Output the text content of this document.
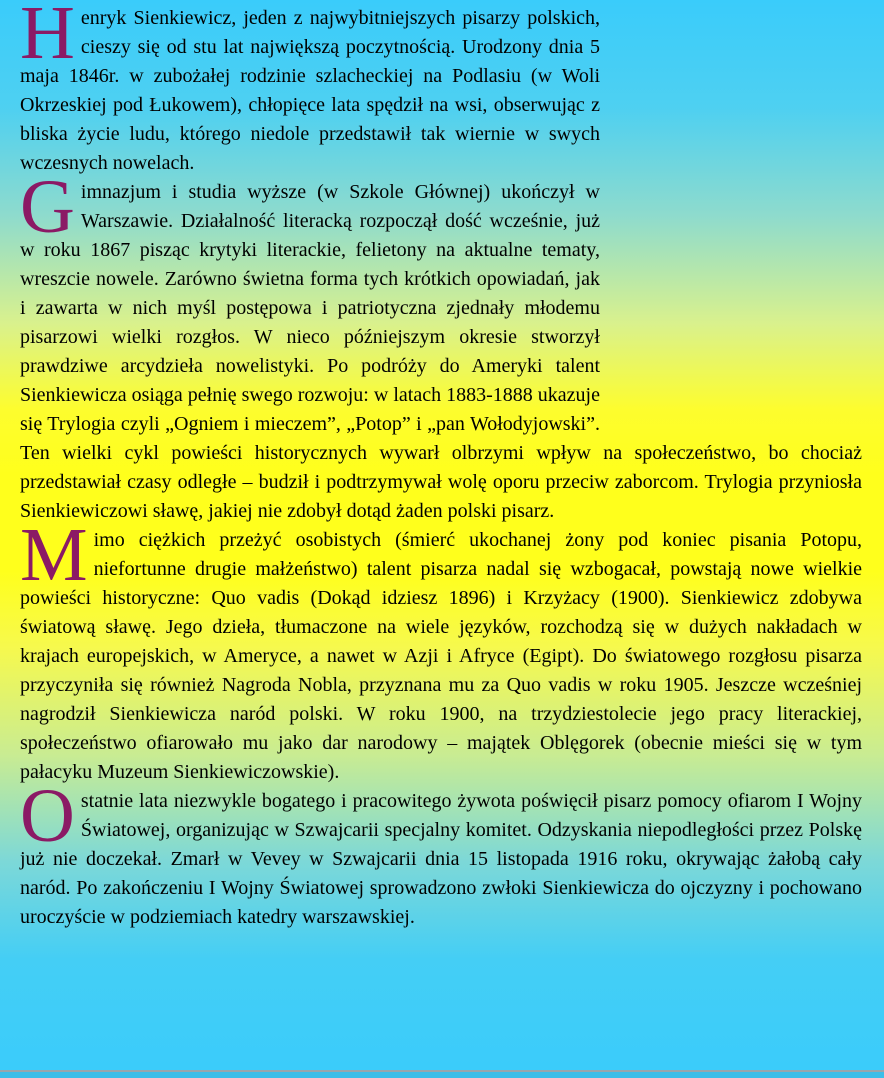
Henryk Sienkiewicz, jeden z najwybitniejszych pisarzy polskich, cieszy się od stu lat największą poczytnością. Urodzony dnia 5 maja 1846r. w zubożałej rodzinie szlacheckiej na Podlasiu (w Woli Okrzeskiej pod Łukowem), chłopięce lata spędził na wsi, obserwując z bliska życie ludu, którego niedole przedstawił tak wiernie w swych wczesnych nowelach.

Gimnazjum i studia wyższe (w Szkole Głównej) ukończył w Warszawie. Działalność literacką rozpoczął dość wcześnie, już w roku 1867 pisząc krytyki literackie, felietony na aktualne tematy, wreszcie nowele. Zarówno świetna forma tych krótkich opowiadań, jak i zawarta w nich myśl postępowa i patriotyczna zjednały młodemu pisarzowi wielki rozgłos. W nieco późniejszym okresie stworzył prawdziwe arcydzieła nowelistyki. Po podróży do Ameryki talent Sienkiewicza osiąga pełnię swego rozwoju: w latach 1883-1888 ukazuje się Trylogia czyli „Ogniem i mieczem”, „Potop” i „pan Wołodyjowski”. Ten wielki cykl powieści historycznych wywarł olbrzymi wpływ na społeczeństwo, bo chociaż przedstawiał czasy odległe – budził i podtrzymywał wolę oporu przeciw zaborcom. Trylogia przyniosła Sienkiewiczowi sławę, jakiej nie zdobył dotąd żaden polski pisarz.

Mimo ciężkich przeżyć osobistych (śmierć ukochanej żony pod koniec pisania Potopu, niefortunne drugie małżeństwo) talent pisarza nadal się wzbogacał, powstają nowe wielkie powieści historyczne: Quo vadis (Dokąd idziesz 1896) i Krzyżacy (1900). Sienkiewicz zdobywa światową sławę. Jego dzieła, tłumaczone na wiele języków, rozchodzą się w dużych nakładach w krajach europejskich, w Ameryce, a nawet w Azji i Afryce (Egipt). Do światowego rozgłosu pisarza przyczyniła się również Nagroda Nobla, przyznana mu za Quo vadis w roku 1905. Jeszcze wcześniej nagrodził Sienkiewicza naród polski. W roku 1900, na trzydziestolecie jego pracy literackiej, społeczeństwo ofiarowało mu jako dar narodowy – majątek Oblęgorek (obecnie mieści się w tym pałacyku Muzeum Sienkiewiczowskie).

Ostatnie lata niezwykle bogatego i pracowitego żywota poświęcił pisarz pomocy ofiarom I Wojny Światowej, organizując w Szwajcarii specjalny komitet. Odzyskania niepodległości przez Polskę już nie doczekał. Zmarł w Vevey w Szwajcarii dnia 15 listopada 1916 roku, okrywając żałobą cały naród. Po zakończeniu I Wojny Światowej sprowadzono zwłoki Sienkiewicza do ojczyzny i pochowano uroczyście w podziemiach katedry warszawskiej.
